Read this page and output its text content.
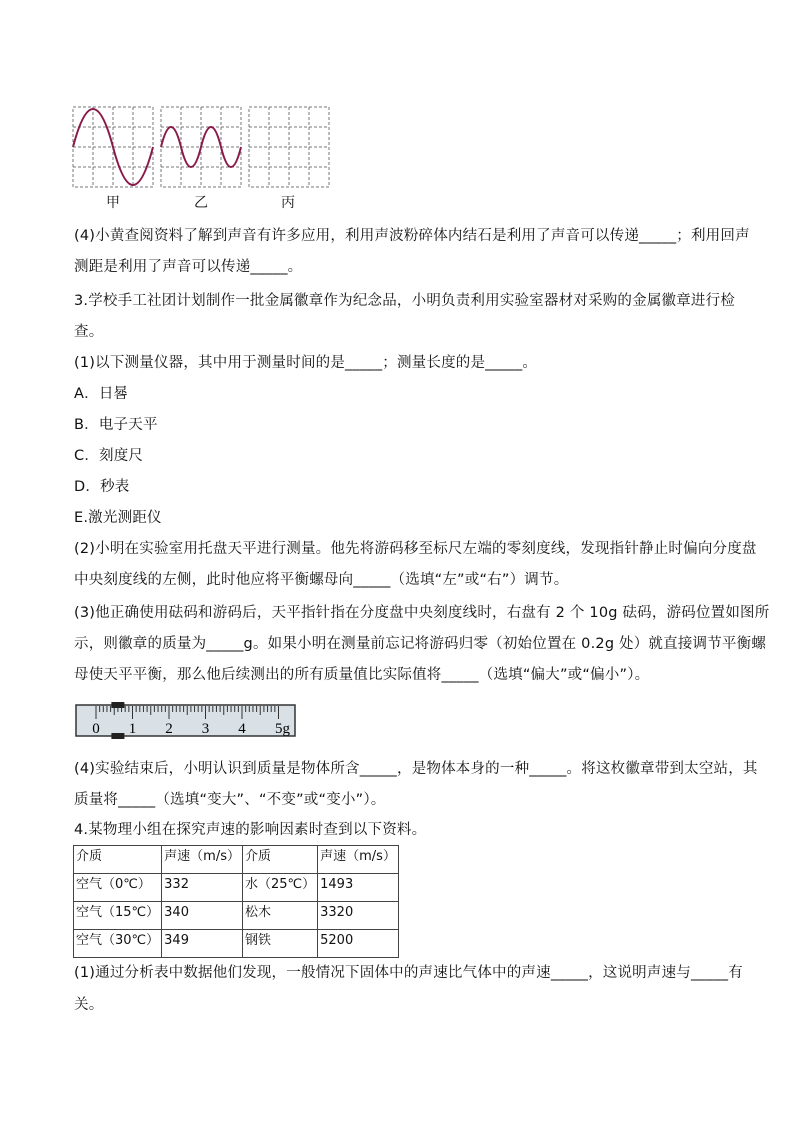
甲	乙	丙

(4)小黄查阅资料了解到声音有许多应用，利用声波粉碎体内结石是利用了声音可以传递_____；利用回声

测距是利用了声音可以传递_____。

3.学校手工社团计划制作一批金属徽章作为纪念品，小明负责利用实验室器材对采购的金属徽章进行检

查。

(1)以下测量仪器，其中用于测量时间的是_____；测量长度的是_____。

A．日晷

B．电子天平

C．刻度尺

D．秒表

E.激光测距仪

(2)小明在实验室用托盘天平进行测量。他先将游码移至标尺左端的零刻度线，发现指针静止时偏向分度盘

中央刻度线的左侧，此时他应将平衡螺母向_____（选填“左”或“右”）调节。

(3)他正确使用砝码和游码后，天平指针指在分度盘中央刻度线时，右盘有 2 个 10g 砝码，游码位置如图所

示，则徽章的质量为_____g。如果小明在测量前忘记将游码归零（初始位置在 0.2g 处）就直接调节平衡螺

母使天平平衡，那么他后续测出的所有质量值比实际值将_____（选填“偏大”或“偏小”）。

0 1 2 3 4 5g

(4)实验结束后，小明认识到质量是物体所含_____，是物体本身的一种_____。将这枚徽章带到太空站，其

质量将_____（选填“变大”、“不变”或“变小”）。

4.某物理小组在探究声速的影响因素时查到以下资料。

介质	声速（m/s）	介质	声速（m/s）
空气（0℃）	332	水（25℃）	1493
空气（15℃）	340	松木	3320
空气（30℃）	349	钢铁	5200

(1)通过分析表中数据他们发现，一般情况下固体中的声速比气体中的声速_____，这说明声速与_____有

关。
